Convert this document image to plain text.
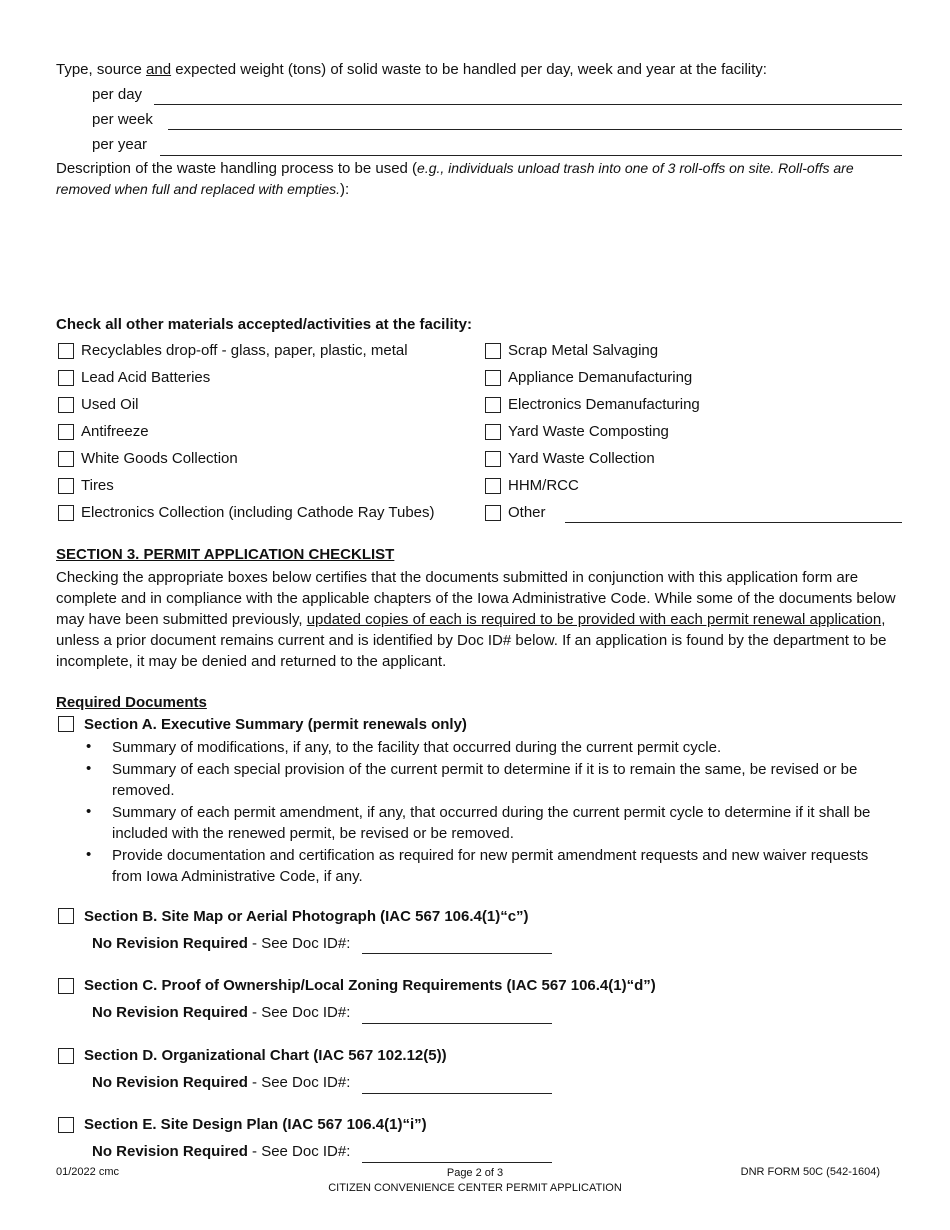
Type, source and expected weight (tons) of solid waste to be handled per day, week and year at the facility:
per day
per week
per year
Description of the waste handling process to be used (e.g., individuals unload trash into one of 3 roll-offs on site. Roll-offs are removed when full and replaced with empties.):
Check all other materials accepted/activities at the facility:
Recyclables drop-off - glass, paper, plastic, metal
Lead Acid Batteries
Used Oil
Antifreeze
White Goods Collection
Tires
Electronics Collection (including Cathode Ray Tubes)
Scrap Metal Salvaging
Appliance Demanufacturing
Electronics Demanufacturing
Yard Waste Composting
Yard Waste Collection
HHM/RCC
Other
SECTION 3. PERMIT APPLICATION CHECKLIST
Checking the appropriate boxes below certifies that the documents submitted in conjunction with this application form are complete and in compliance with the applicable chapters of the Iowa Administrative Code. While some of the documents below may have been submitted previously, updated copies of each is required to be provided with each permit renewal application, unless a prior document remains current and is identified by Doc ID# below. If an application is found by the department to be incomplete, it may be denied and returned to the applicant.
Required Documents
Section A. Executive Summary (permit renewals only)
• Summary of modifications, if any, to the facility that occurred during the current permit cycle.
• Summary of each special provision of the current permit to determine if it is to remain the same, be revised or be removed.
• Summary of each permit amendment, if any, that occurred during the current permit cycle to determine if it shall be included with the renewed permit, be revised or be removed.
• Provide documentation and certification as required for new permit amendment requests and new waiver requests from Iowa Administrative Code, if any.
Section B. Site Map or Aerial Photograph (IAC 567 106.4(1)“c”)
No Revision Required - See Doc ID#:
Section C. Proof of Ownership/Local Zoning Requirements (IAC 567 106.4(1)“d”)
No Revision Required - See Doc ID#:
Section D. Organizational Chart (IAC 567 102.12(5))
No Revision Required - See Doc ID#:
Section E. Site Design Plan (IAC 567 106.4(1)“i”)
No Revision Required - See Doc ID#:
01/2022 cmc	Page 2 of 3
CITIZEN CONVENIENCE CENTER PERMIT APPLICATION
DNR FORM 50C (542-1604)
